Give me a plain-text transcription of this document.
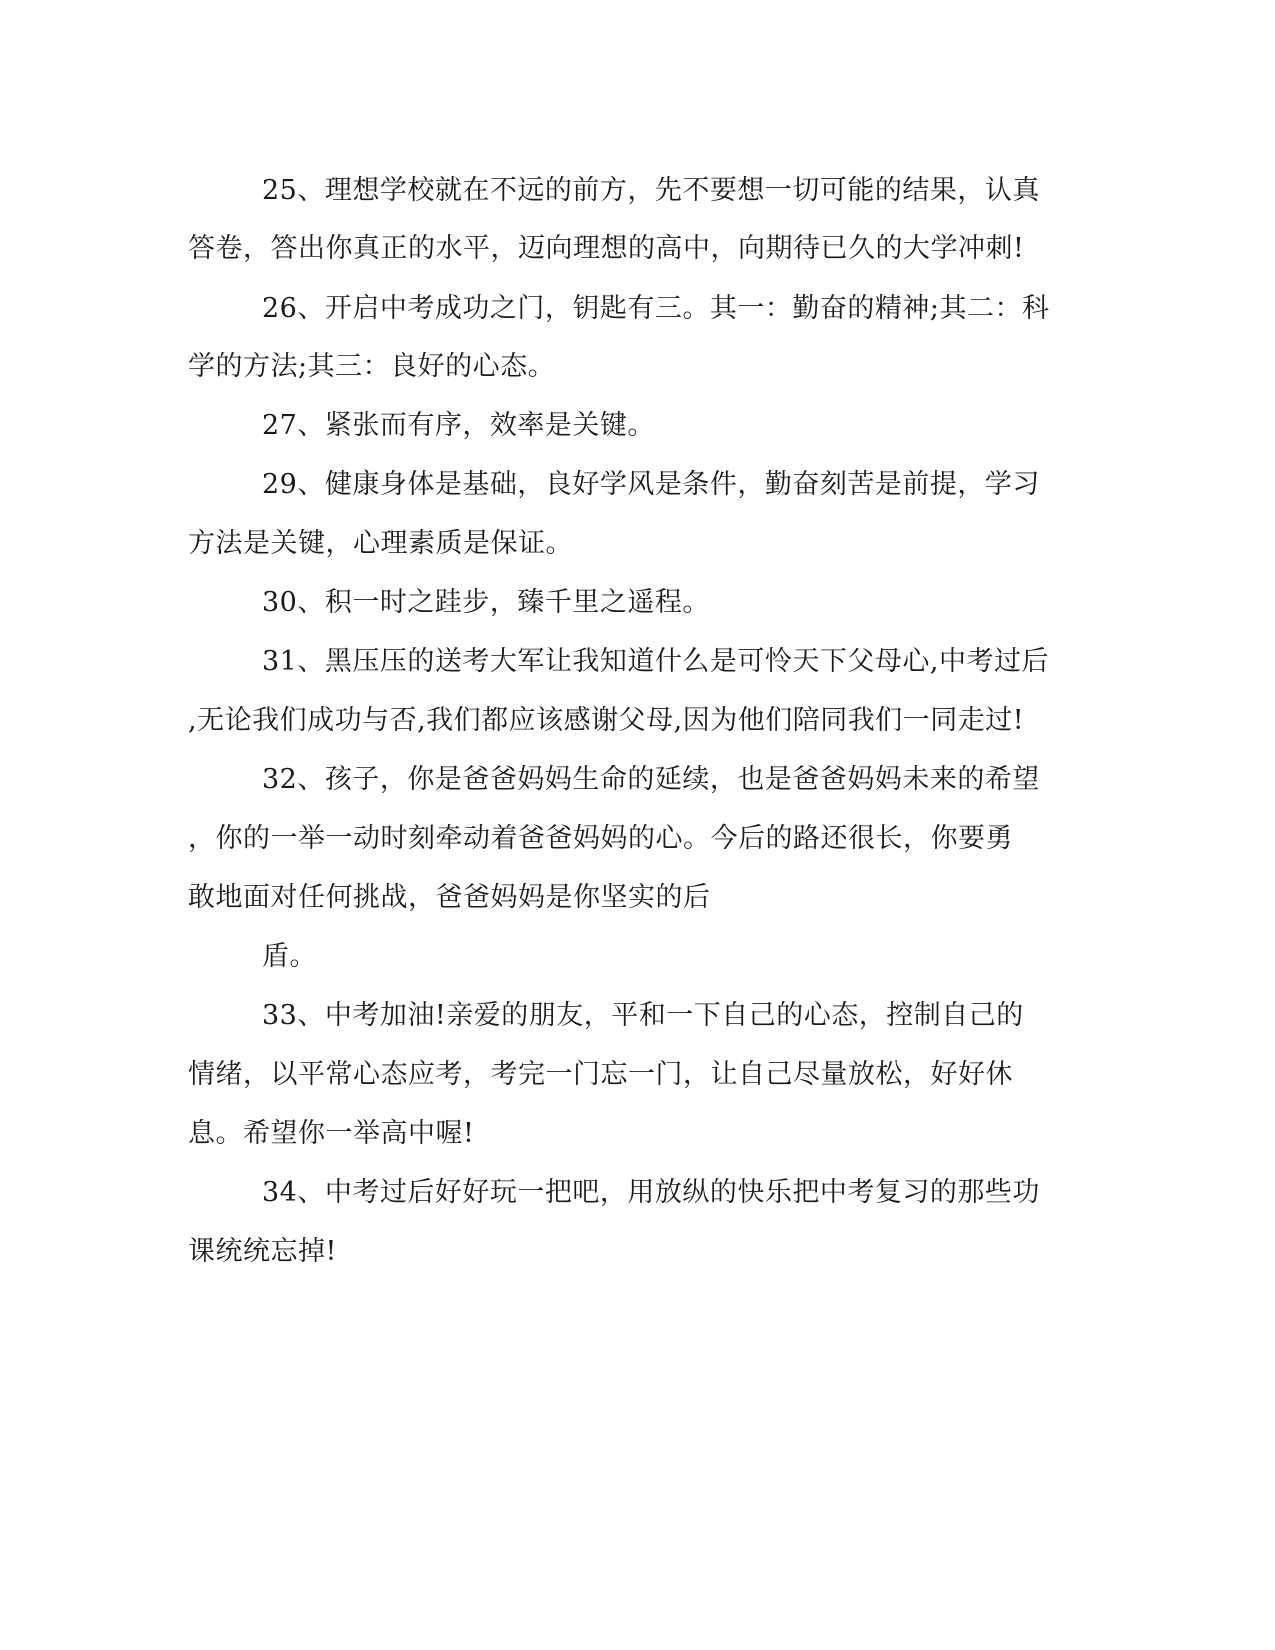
25、理想学校就在不远的前方，先不要想一切可能的结果，认真
答卷，答出你真正的水平，迈向理想的高中，向期待已久的大学冲刺!
26、开启中考成功之门，钥匙有三。其一：勤奋的精神;其二：科
学的方法;其三：良好的心态。
27、紧张而有序，效率是关键。
29、健康身体是基础，良好学风是条件，勤奋刻苦是前提，学习
方法是关键，心理素质是保证。
30、积一时之跬步，臻千里之遥程。
31、黑压压的送考大军让我知道什么是可怜天下父母心,中考过后
,无论我们成功与否,我们都应该感谢父母,因为他们陪同我们一同走过!
32、孩子，你是爸爸妈妈生命的延续，也是爸爸妈妈未来的希望
，你的一举一动时刻牵动着爸爸妈妈的心。今后的路还很长，你要勇
敢地面对任何挑战，爸爸妈妈是你坚实的后
盾。
33、中考加油!亲爱的朋友，平和一下自己的心态，控制自己的
情绪，以平常心态应考，考完一门忘一门，让自己尽量放松，好好休
息。希望你一举高中喔!
34、中考过后好好玩一把吧，用放纵的快乐把中考复习的那些功
课统统忘掉!
